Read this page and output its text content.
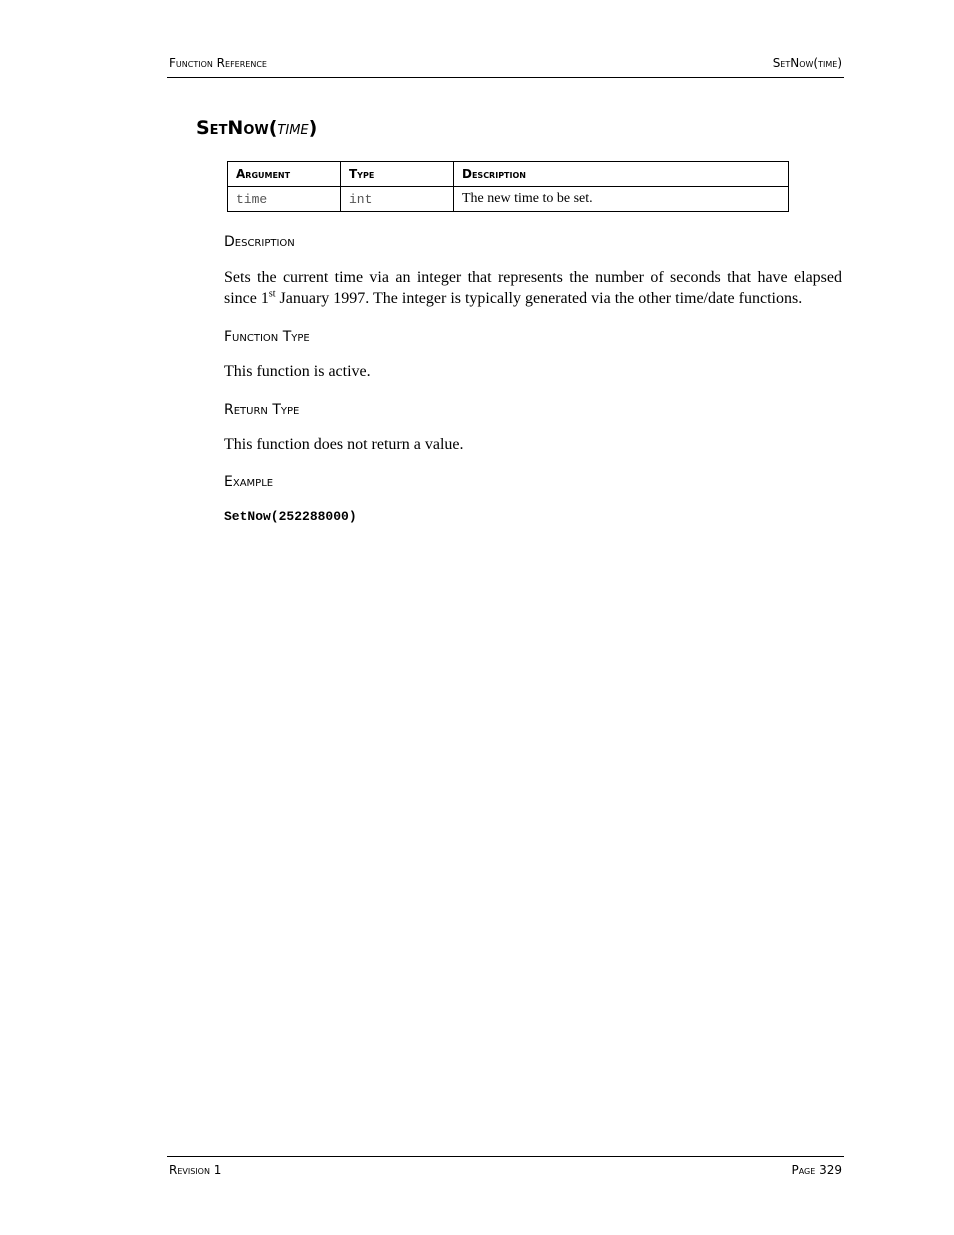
Function Reference	SetNow(time)
SetNow(time)
Argument	Type	Description
time	int	The new time to be set.
Description
Sets the current time via an integer that represents the number of seconds that have elapsed since 1st January 1997. The integer is typically generated via the other time/date functions.
Function Type
This function is active.
Return Type
This function does not return a value.
Example
SetNow(252288000)
Revision 1	Page 329
